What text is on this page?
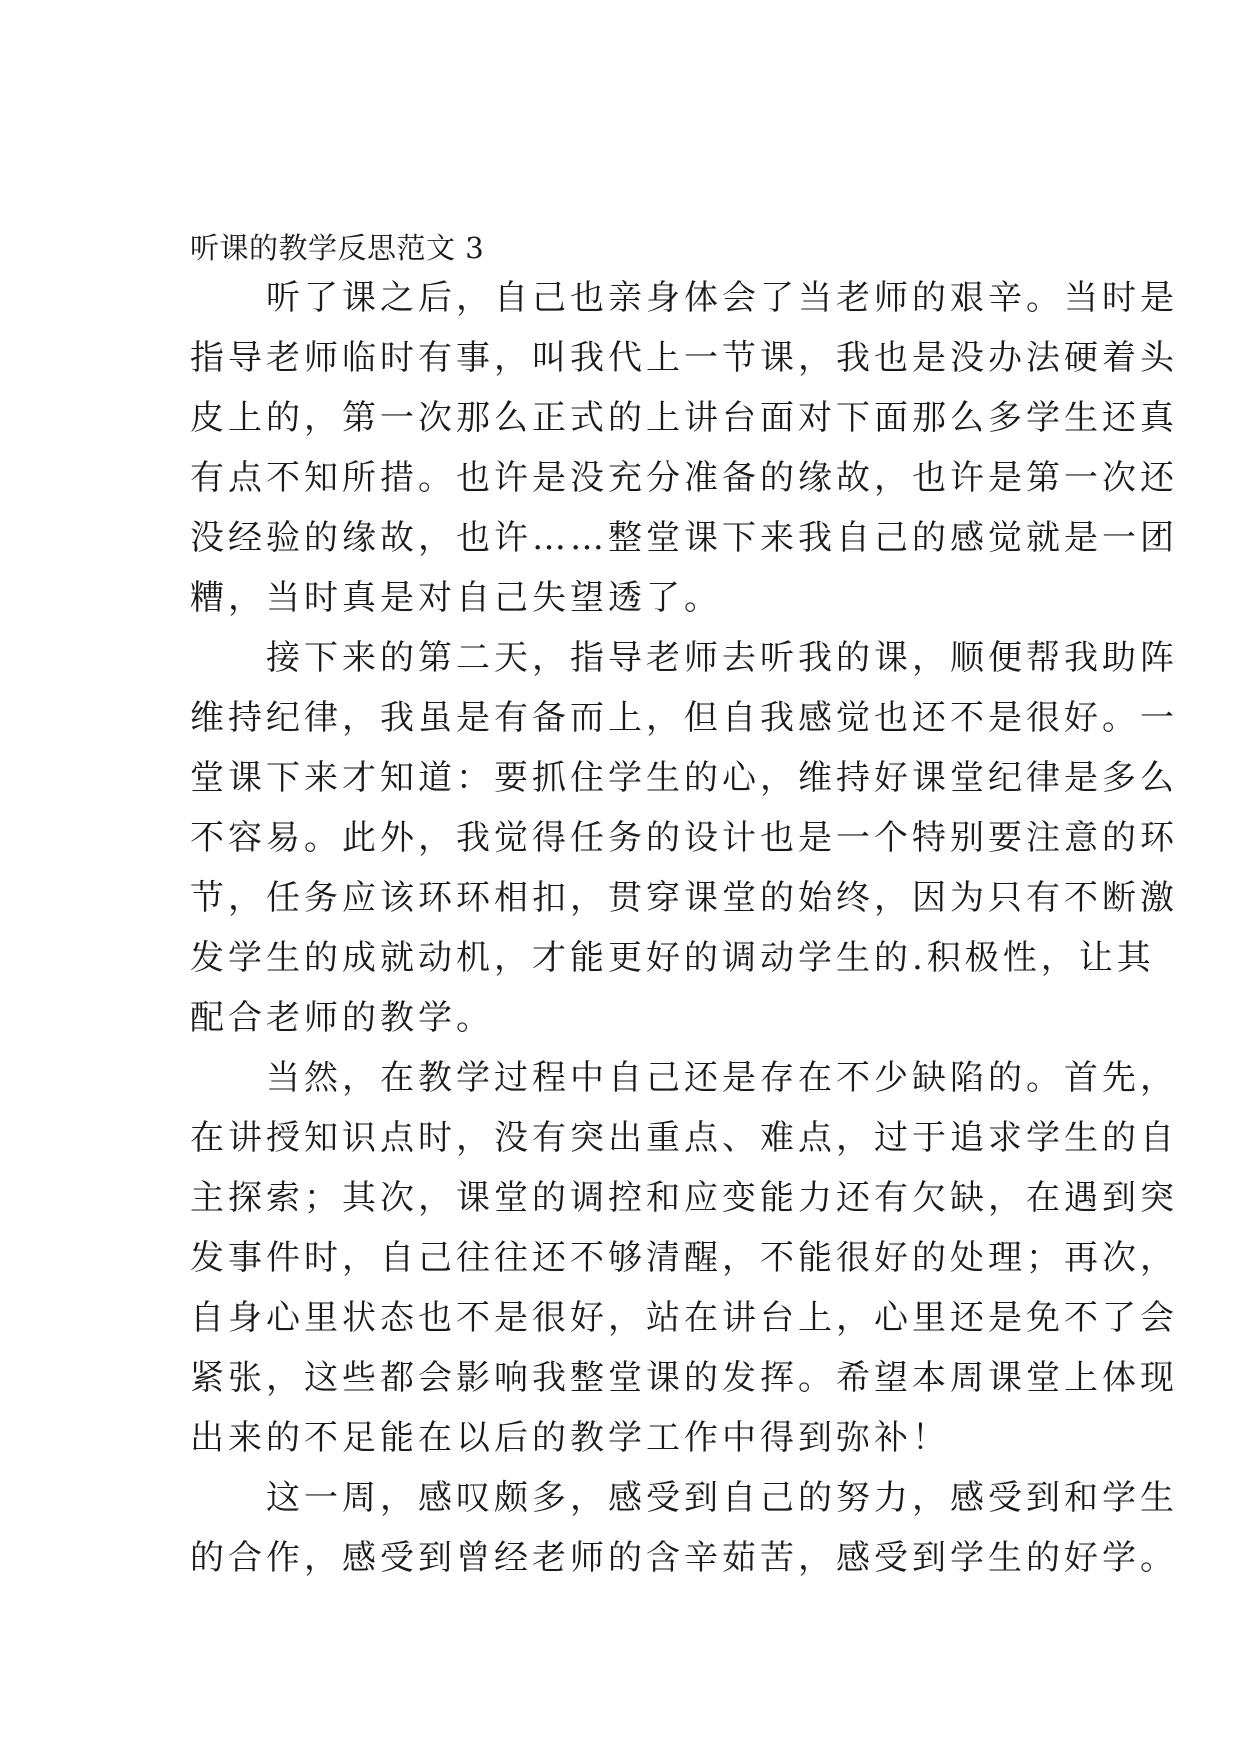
听课的教学反思范文 3
　　听了课之后，自己也亲身体会了当老师的艰辛。当时是
指导老师临时有事，叫我代上一节课，我也是没办法硬着头
皮上的，第一次那么正式的上讲台面对下面那么多学生还真
有点不知所措。也许是没充分准备的缘故，也许是第一次还
没经验的缘故，也许……整堂课下来我自己的感觉就是一团
糟，当时真是对自己失望透了。
　　接下来的第二天，指导老师去听我的课，顺便帮我助阵
维持纪律，我虽是有备而上，但自我感觉也还不是很好。一
堂课下来才知道：要抓住学生的心，维持好课堂纪律是多么
不容易。此外，我觉得任务的设计也是一个特别要注意的环
节，任务应该环环相扣，贯穿课堂的始终，因为只有不断激
发学生的成就动机，才能更好的调动学生的.积极性，让其
配合老师的教学。
　　当然，在教学过程中自己还是存在不少缺陷的。首先，
在讲授知识点时，没有突出重点、难点，过于追求学生的自
主探索；其次，课堂的调控和应变能力还有欠缺，在遇到突
发事件时，自己往往还不够清醒，不能很好的处理；再次，
自身心里状态也不是很好，站在讲台上，心里还是免不了会
紧张，这些都会影响我整堂课的发挥。希望本周课堂上体现
出来的不足能在以后的教学工作中得到弥补！
　　这一周，感叹颇多，感受到自己的努力，感受到和学生
的合作，感受到曾经老师的含辛茹苦，感受到学生的好学。
